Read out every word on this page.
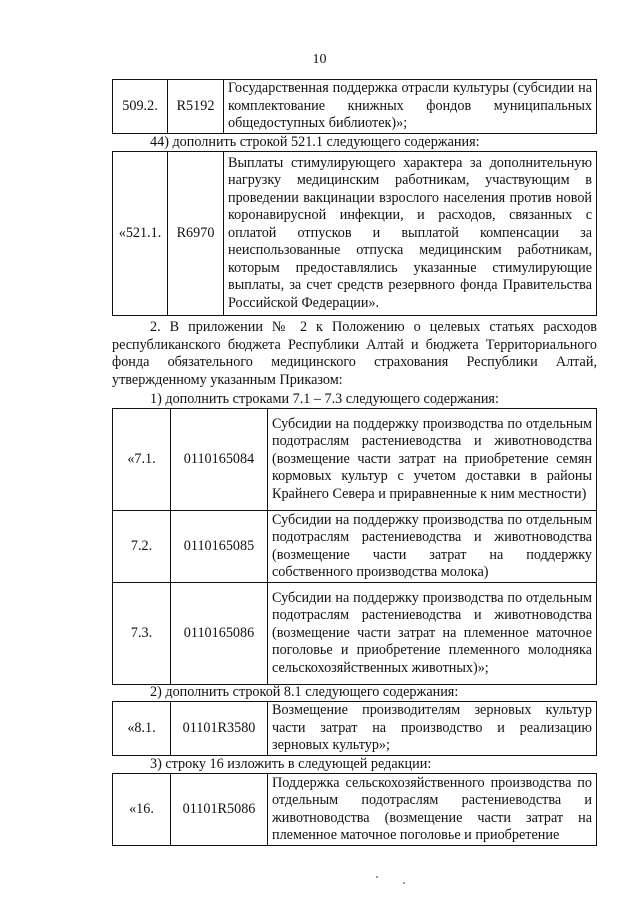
10
509.2.	R5192	Государственная поддержка отрасли культуры (субсидии на комплектование книжных фондов муниципальных общедоступных библиотек)»;
44) дополнить строкой 521.1 следующего содержания:
«521.1.	R6970	Выплаты стимулирующего характера за дополнительную нагрузку медицинским работникам, участвующим в проведении вакцинации взрослого населения против новой коронавирусной инфекции, и расходов, связанных с оплатой отпусков и выплатой компенсации за неиспользованные отпуска медицинским работникам, которым предоставлялись указанные стимулирующие выплаты, за счет средств резервного фонда Правительства Российской Федерации».

2. В приложении № 2 к Положению о целевых статьях расходов республиканского бюджета Республики Алтай и бюджета Территориального фонда обязательного медицинского страхования Республики Алтай, утвержденному указанным Приказом:

1) дополнить строками 7.1 – 7.3 следующего содержания:
«7.1.	0110165084	Субсидии на поддержку производства по отдельным подотраслям растениеводства и животноводства (возмещение части затрат на приобретение семян кормовых культур с учетом доставки в районы Крайнего Севера и приравненные к ним местности)
7.2.	0110165085	Субсидии на поддержку производства по отдельным подотраслям растениеводства и животноводства (возмещение части затрат на поддержку собственного производства молока)
7.3.	0110165086	Субсидии на поддержку производства по отдельным подотраслям растениеводства и животноводства (возмещение части затрат на племенное маточное поголовье и приобретение племенного молодняка сельскохозяйственных животных)»;
2) дополнить строкой 8.1 следующего содержания:
«8.1.	01101R3580	Возмещение производителям зерновых культур части затрат на производство и реализацию зерновых культур»;
3) строку 16 изложить в следующей редакции:
«16.	01101R5086	Поддержка сельскохозяйственного производства по отдельным подотраслям растениеводства и животноводства (возмещение части затрат на племенное маточное поголовье и приобретение
